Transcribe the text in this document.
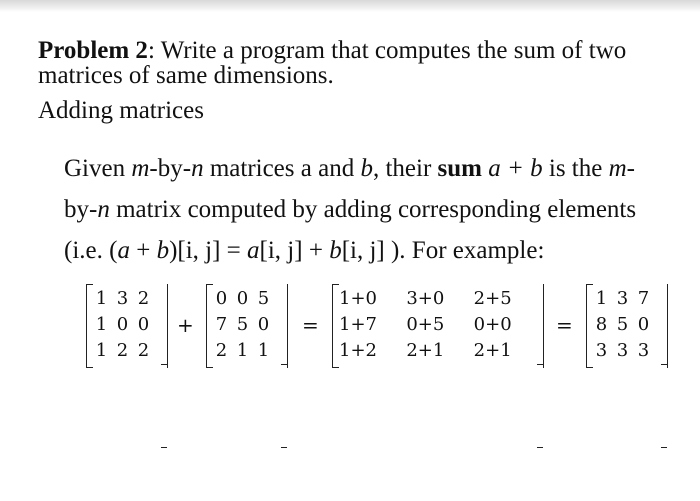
Problem 2: Write a program that computes the sum of two matrices of same dimensions.
Adding matrices
Given m-by-n matrices a and b, their sum a + b is the m-
by-n matrix computed by adding corresponding elements
(i.e. (a + b)[i, j] = a[i, j] + b[i, j] ). For example:
1	3	2
1	0	0
1	2	2
+
0	0	5
7	5	0
2	1	1
=
1+0	3+0	2+5
1+7	0+5	0+0
1+2	2+1	2+1
=
1	3	7
8	5	0
3	3	3
